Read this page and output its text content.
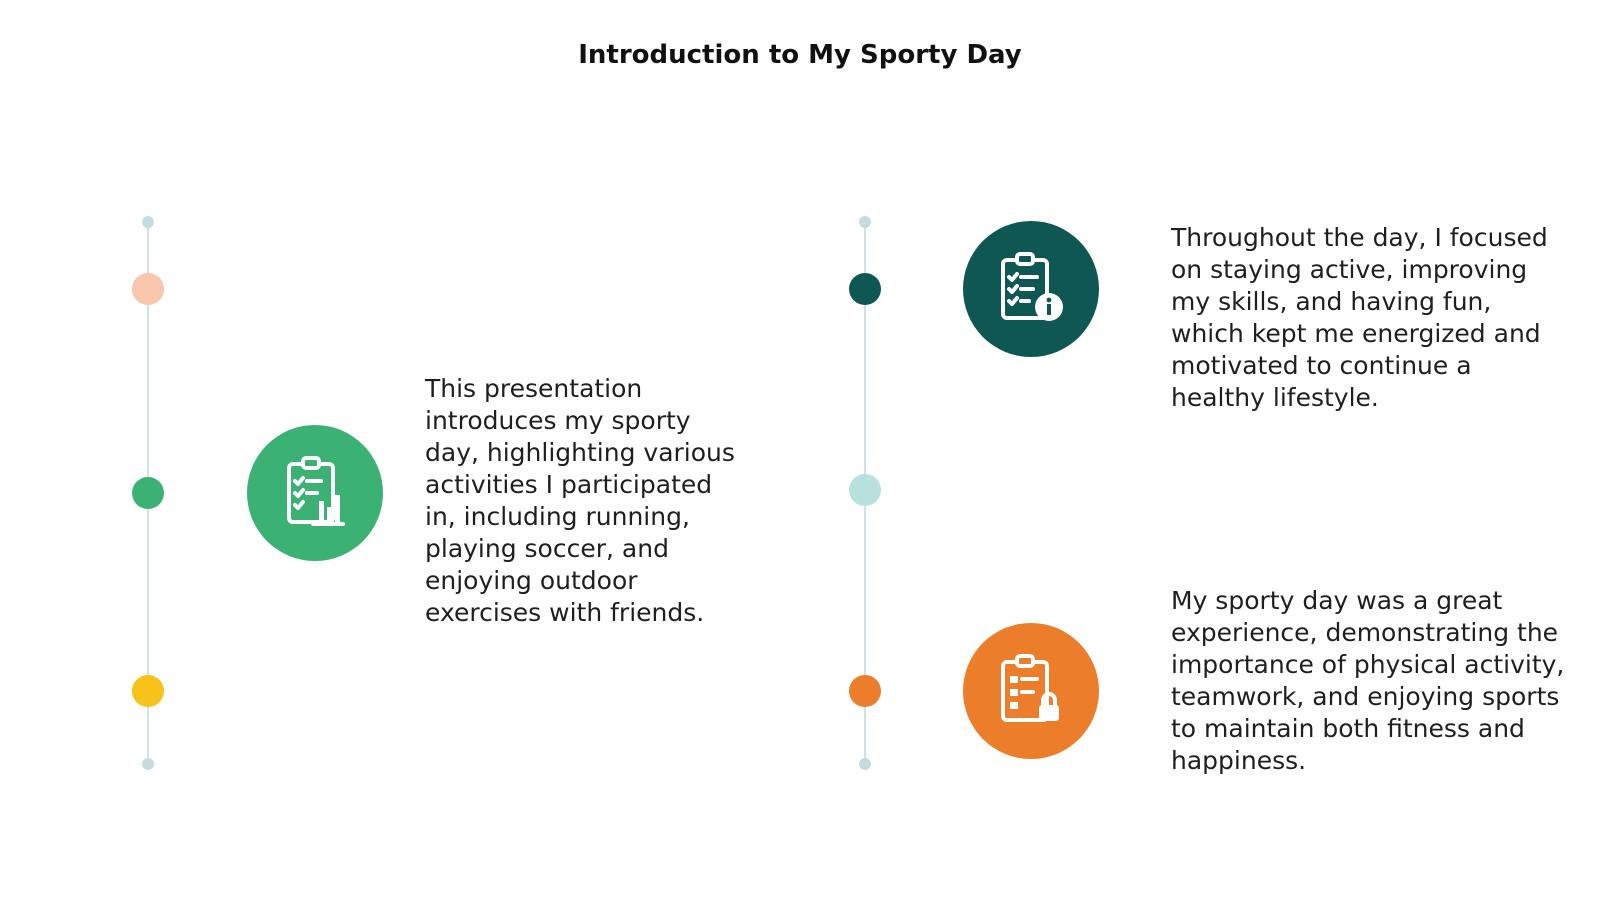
Introduction to My Sporty Day

This presentation introduces my sporty day, highlighting various activities I participated in, including running, playing soccer, and enjoying outdoor exercises with friends.

Throughout the day, I focused on staying active, improving my skills, and having fun, which kept me energized and motivated to continue a healthy lifestyle.

My sporty day was a great experience, demonstrating the importance of physical activity, teamwork, and enjoying sports to maintain both fitness and happiness.
